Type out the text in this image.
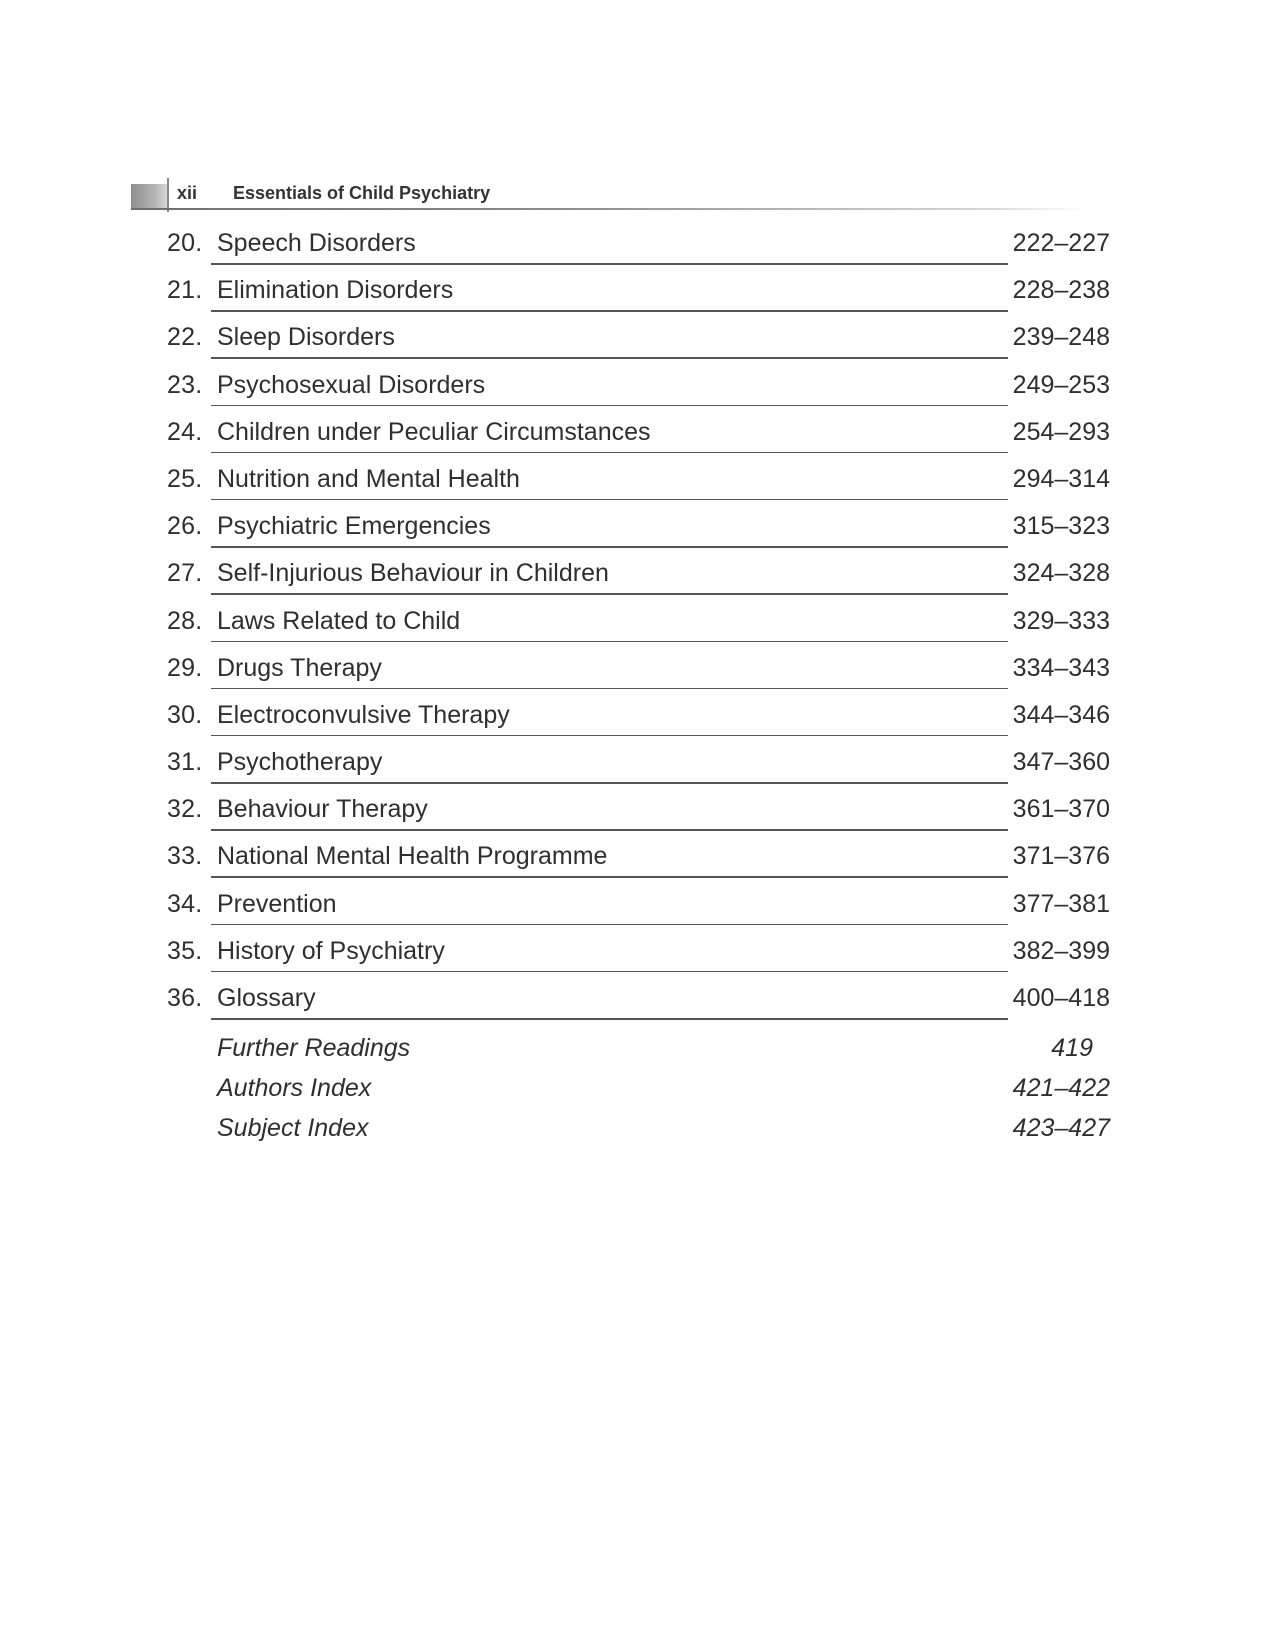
xii Essentials of Child Psychiatry
20. Speech Disorders	222–227
21. Elimination Disorders	228–238
22. Sleep Disorders	239–248
23. Psychosexual Disorders	249–253
24. Children under Peculiar Circumstances	254–293
25. Nutrition and Mental Health	294–314
26. Psychiatric Emergencies	315–323
27. Self-Injurious Behaviour in Children	324–328
28. Laws Related to Child	329–333
29. Drugs Therapy	334–343
30. Electroconvulsive Therapy	344–346
31. Psychotherapy	347–360
32. Behaviour Therapy	361–370
33. National Mental Health Programme	371–376
34. Prevention	377–381
35. History of Psychiatry	382–399
36. Glossary	400–418
Further Readings	419
Authors Index	421–422
Subject Index	423–427
